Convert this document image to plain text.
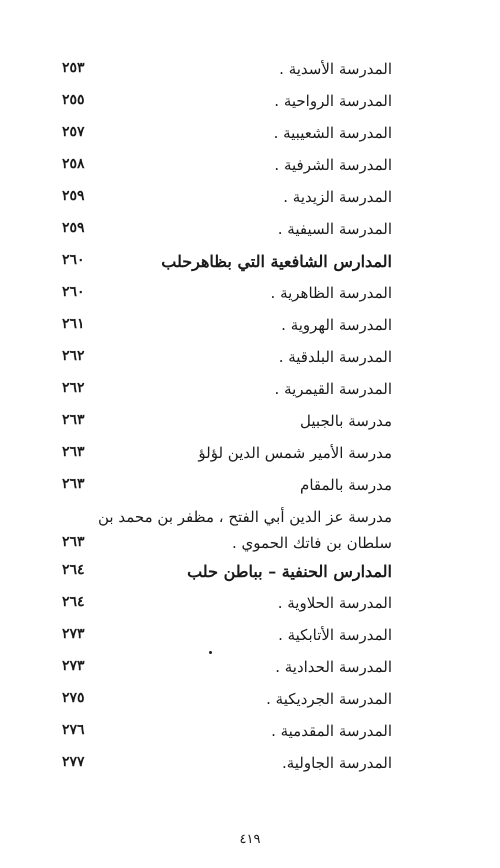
المدرسة الأسدية .
٢٥٣
المدرسة الرواحية .
٢٥٥
المدرسة الشعيبية .
٢٥٧
المدرسة الشرفية .
٢٥٨
المدرسة الزيدية .
٢٥٩
المدرسة السيفية .
٢٥٩
المدارس الشافعية التي بظاهرحلب
٢٦٠
المدرسة الظاهرية .
٢٦٠
المدرسة الهروية .
٢٦١
المدرسة البلدقية .
٢٦٢
المدرسة القيمرية .
٢٦٢
مدرسة بالجبيل
٢٦٣
مدرسة الأمير شمس الدين لؤلؤ
٢٦٣
مدرسة بالمقام
٢٦٣
مدرسة عز الدين أبي الفتح ، مظفر بن محمد بن سلطان بن فاتك الحموي .
٢٦٣
المدارس الحنفية – بباطن حلب
٢٦٤
المدرسة الحلاوية .
٢٦٤
المدرسة الأتابكية .
٢٧٣
المدرسة الحدادية .
٢٧٣
المدرسة الجرديكية .
٢٧٥
المدرسة المقدمية .
٢٧٦
المدرسة الجاولية.
٢٧٧
٤١٩
